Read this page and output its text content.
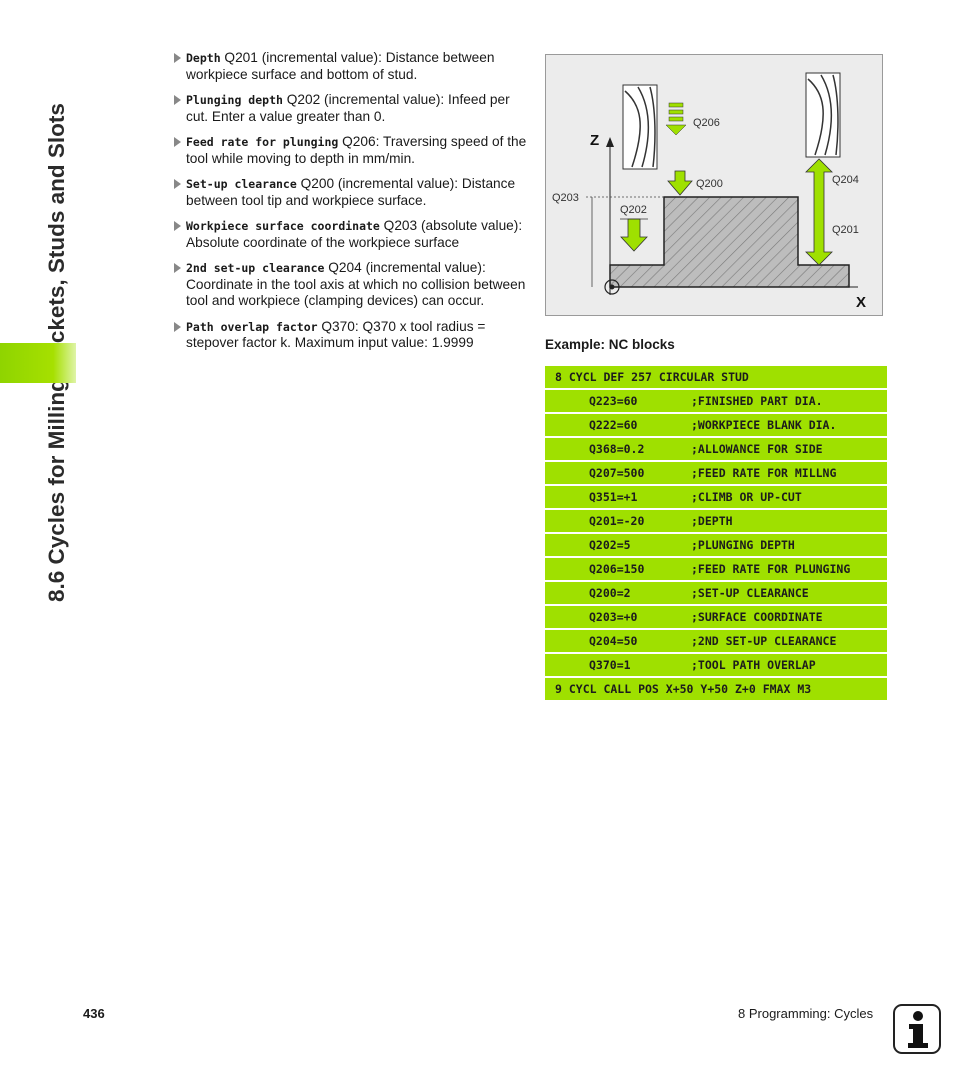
Depth Q201 (incremental value): Distance between workpiece surface and bottom of stud.
Plunging depth Q202 (incremental value): Infeed per cut. Enter a value greater than 0.
Feed rate for plunging Q206: Traversing speed of the tool while moving to depth in mm/min.
Set-up clearance Q200 (incremental value): Distance between tool tip and workpiece surface.
Workpiece surface coordinate Q203 (absolute value): Absolute coordinate of the workpiece surface
2nd set-up clearance Q204 (incremental value): Coordinate in the tool axis at which no collision between tool and workpiece (clamping devices) can occur.
Path overlap factor Q370: Q370 x tool radius = stepover factor k. Maximum input value: 1.9999
Z
X
Q206
Q200
Q203
Q202
Q204
Q201
Example: NC blocks
8 CYCL DEF 257 CIRCULAR STUD
Q223=60	;FINISHED PART DIA.
Q222=60	;WORKPIECE BLANK DIA.
Q368=0.2	;ALLOWANCE FOR SIDE
Q207=500	;FEED RATE FOR MILLNG
Q351=+1	;CLIMB OR UP-CUT
Q201=-20	;DEPTH
Q202=5	;PLUNGING DEPTH
Q206=150	;FEED RATE FOR PLUNGING
Q200=2	;SET-UP CLEARANCE
Q203=+0	;SURFACE COORDINATE
Q204=50	;2ND SET-UP CLEARANCE
Q370=1	;TOOL PATH OVERLAP
9 CYCL CALL POS X+50 Y+50 Z+0 FMAX M3
436	8 Programming: Cycles
